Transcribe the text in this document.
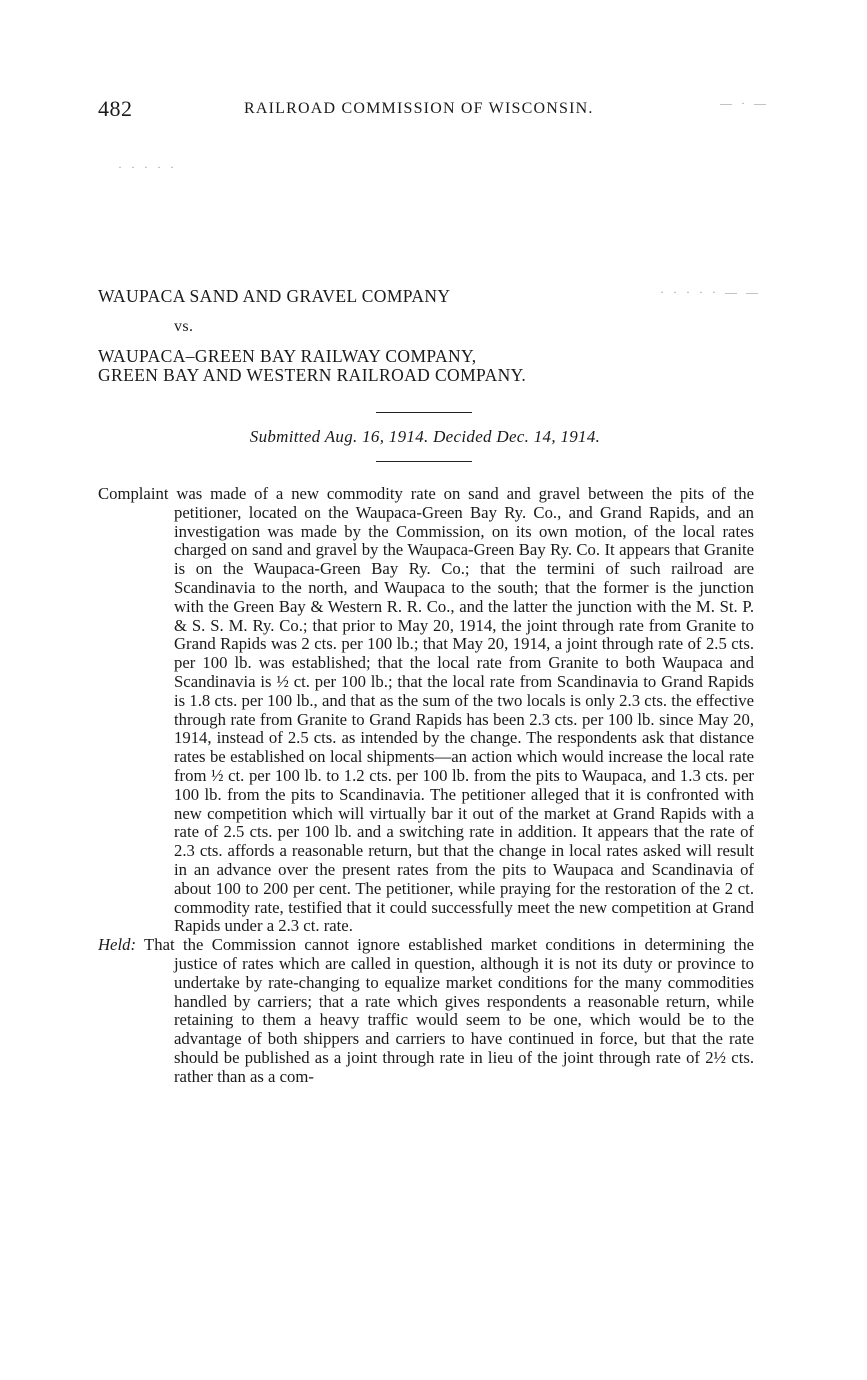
482	RAILROAD COMMISSION OF WISCONSIN.

WAUPACA SAND AND GRAVEL COMPANY

vs.

WAUPACA–GREEN BAY RAILWAY COMPANY,

GREEN BAY AND WESTERN RAILROAD COMPANY.

Submitted Aug. 16, 1914. Decided Dec. 14, 1914.

Complaint was made of a new commodity rate on sand and gravel between the pits of the petitioner, located on the Waupaca-Green Bay Ry. Co., and Grand Rapids, and an investigation was made by the Commission, on its own motion, of the local rates charged on sand and gravel by the Waupaca-Green Bay Ry. Co. It appears that Granite is on the Waupaca-Green Bay Ry. Co.; that the termini of such railroad are Scandinavia to the north, and Waupaca to the south; that the former is the junction with the Green Bay & Western R. R. Co., and the latter the junction with the M. St. P. & S. S. M. Ry. Co.; that prior to May 20, 1914, the joint through rate from Granite to Grand Rapids was 2 cts. per 100 lb.; that May 20, 1914, a joint through rate of 2.5 cts. per 100 lb. was established; that the local rate from Granite to both Waupaca and Scandinavia is ½ ct. per 100 lb.; that the local rate from Scandinavia to Grand Rapids is 1.8 cts. per 100 lb., and that as the sum of the two locals is only 2.3 cts. the effective through rate from Granite to Grand Rapids has been 2.3 cts. per 100 lb. since May 20, 1914, instead of 2.5 cts. as intended by the change. The respondents ask that distance rates be established on local shipments—an action which would increase the local rate from ½ ct. per 100 lb. to 1.2 cts. per 100 lb. from the pits to Waupaca, and 1.3 cts. per 100 lb. from the pits to Scandinavia. The petitioner alleged that it is confronted with new competition which will virtually bar it out of the market at Grand Rapids with a rate of 2.5 cts. per 100 lb. and a switching rate in addition. It appears that the rate of 2.3 cts. affords a reasonable return, but that the change in local rates asked will result in an advance over the present rates from the pits to Waupaca and Scandinavia of about 100 to 200 per cent. The petitioner, while praying for the restoration of the 2 ct. commodity rate, testified that it could successfully meet the new competition at Grand Rapids under a 2.3 ct. rate.

Held: That the Commission cannot ignore established market conditions in determining the justice of rates which are called in question, although it is not its duty or province to undertake by rate-changing to equalize market conditions for the many commodities handled by carriers; that a rate which gives respondents a reasonable return, while retaining to them a heavy traffic would seem to be one, which would be to the advantage of both shippers and carriers to have continued in force, but that the rate should be published as a joint through rate in lieu of the joint through rate of 2½ cts. rather than as a com-

· · · · ·
· · · · · — —
— · —
